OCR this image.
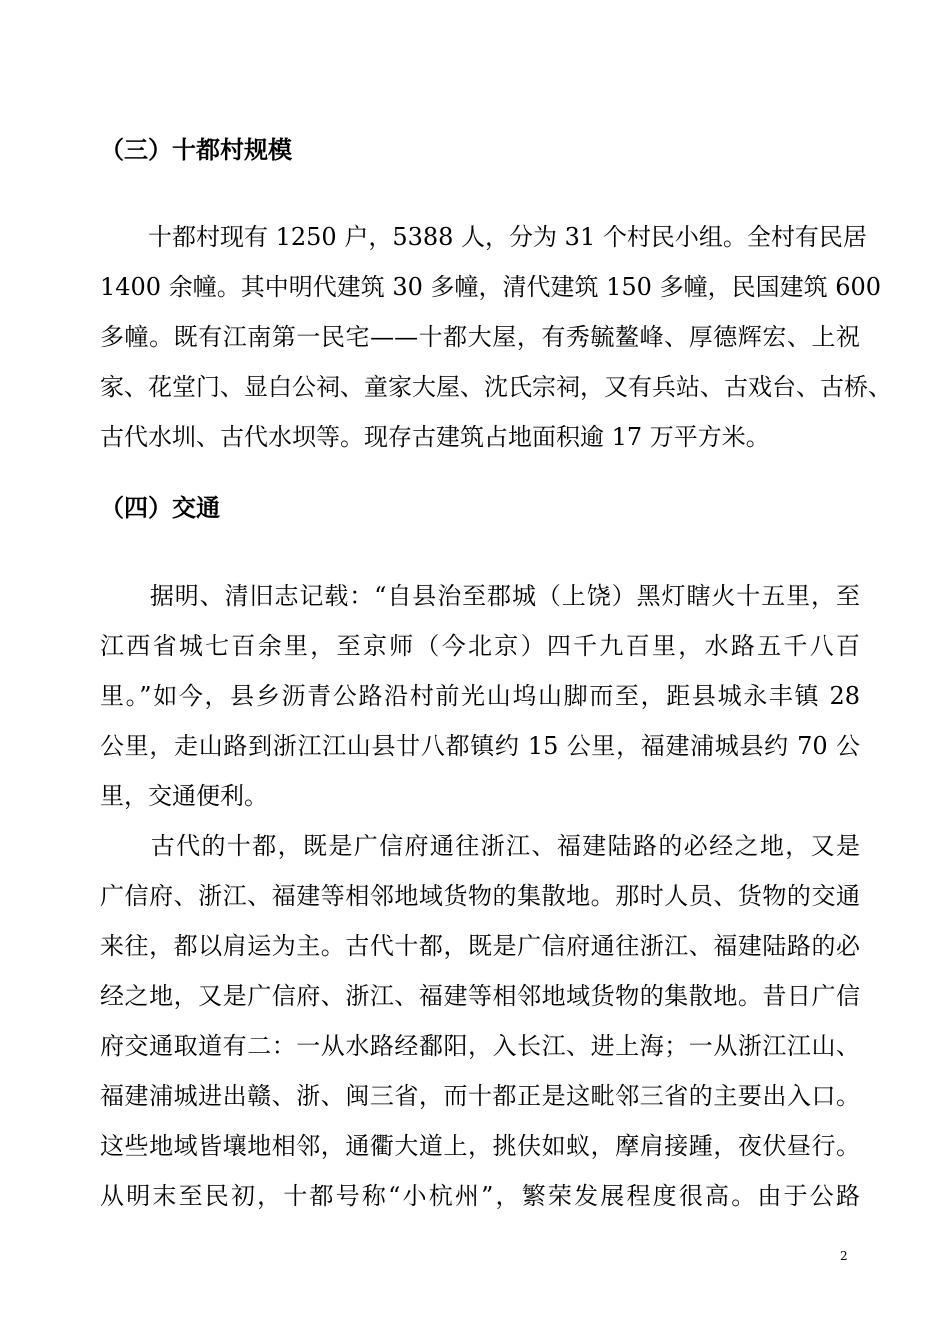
（三）十都村规模

　　十都村现有 1250 户，5388 人，分为 31 个村民小组。全村有民居
1400 余幢。其中明代建筑 30 多幢，清代建筑 150 多幢，民国建筑 600
多幢。既有江南第一民宅——十都大屋，有秀毓鳌峰、厚德辉宏、上祝
家、花堂门、显白公祠、童家大屋、沈氏宗祠，又有兵站、古戏台、古桥、
古代水圳、古代水坝等。现存古建筑占地面积逾 17 万平方米。

（四）交通

　　据明、清旧志记载：“自县治至郡城（上饶）黑灯瞎火十五里，至
江西省城七百余里，至京师（今北京）四千九百里，水路五千八百
里。”如今，县乡沥青公路沿村前光山坞山脚而至，距县城永丰镇 28
公里，走山路到浙江江山县廿八都镇约 15 公里，福建浦城县约 70 公
里，交通便利。

　　古代的十都，既是广信府通往浙江、福建陆路的必经之地，又是
广信府、浙江、福建等相邻地域货物的集散地。那时人员、货物的交通
来往，都以肩运为主。古代十都，既是广信府通往浙江、福建陆路的必
经之地，又是广信府、浙江、福建等相邻地域货物的集散地。昔日广信
府交通取道有二：一从水路经鄱阳，入长江、进上海；一从浙江江山、
福建浦城进出赣、浙、闽三省，而十都正是这毗邻三省的主要出入口。
这些地域皆壤地相邻，通衢大道上，挑伕如蚁，摩肩接踵，夜伏昼行。
从明末至民初，十都号称“小杭州”，繁荣发展程度很高。由于公路

2
